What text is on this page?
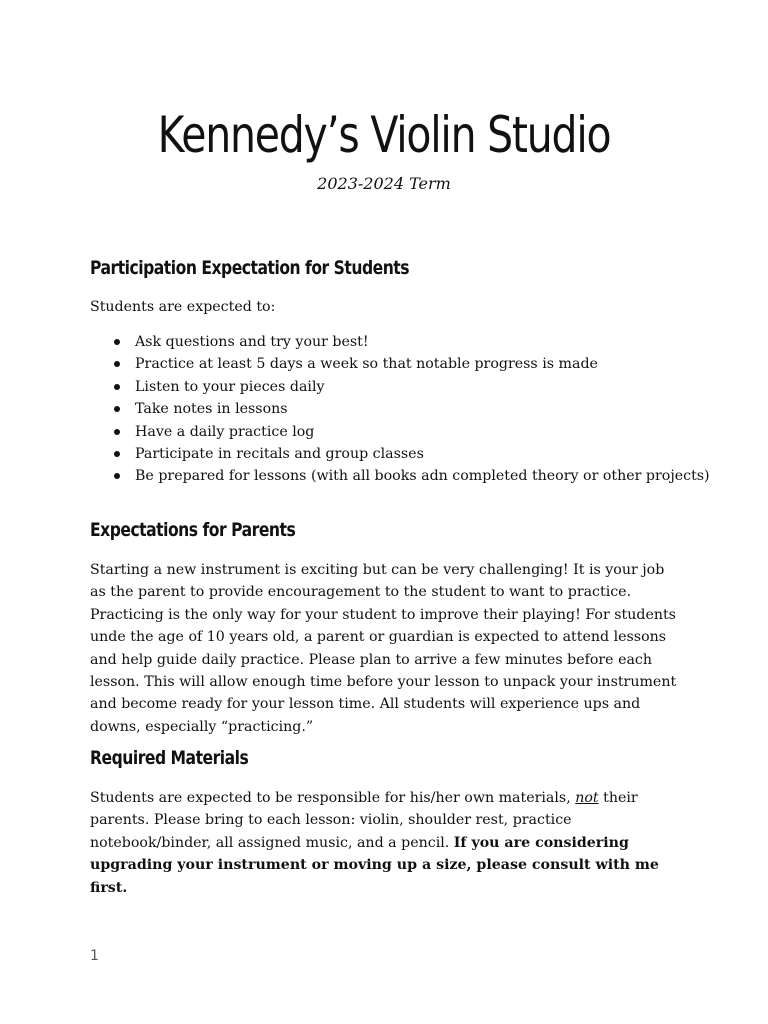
Kennedy’s Violin Studio

2023-2024 Term

Participation Expectation for Students

Students are expected to:

Ask questions and try your best!
Practice at least 5 days a week so that notable progress is made
Listen to your pieces daily
Take notes in lessons
Have a daily practice log
Participate in recitals and group classes
Be prepared for lessons (with all books adn completed theory or other projects)
Expectations for Parents

Starting a new instrument is exciting but can be very challenging! It is your job as the parent to provide encouragement to the student to want to practice. Practicing is the only way for your student to improve their playing! For students unde the age of 10 years old, a parent or guardian is expected to attend lessons and help guide daily practice. Please plan to arrive a few minutes before each lesson. This will allow enough time before your lesson to unpack your instrument and become ready for your lesson time. All students will experience ups and downs, especially “practicing.”

Required Materials

Students are expected to be responsible for his/her own materials, not their parents. Please bring to each lesson: violin, shoulder rest, practice notebook/binder, all assigned music, and a pencil. If you are considering upgrading your instrument or moving up a size, please consult with me first.

1
